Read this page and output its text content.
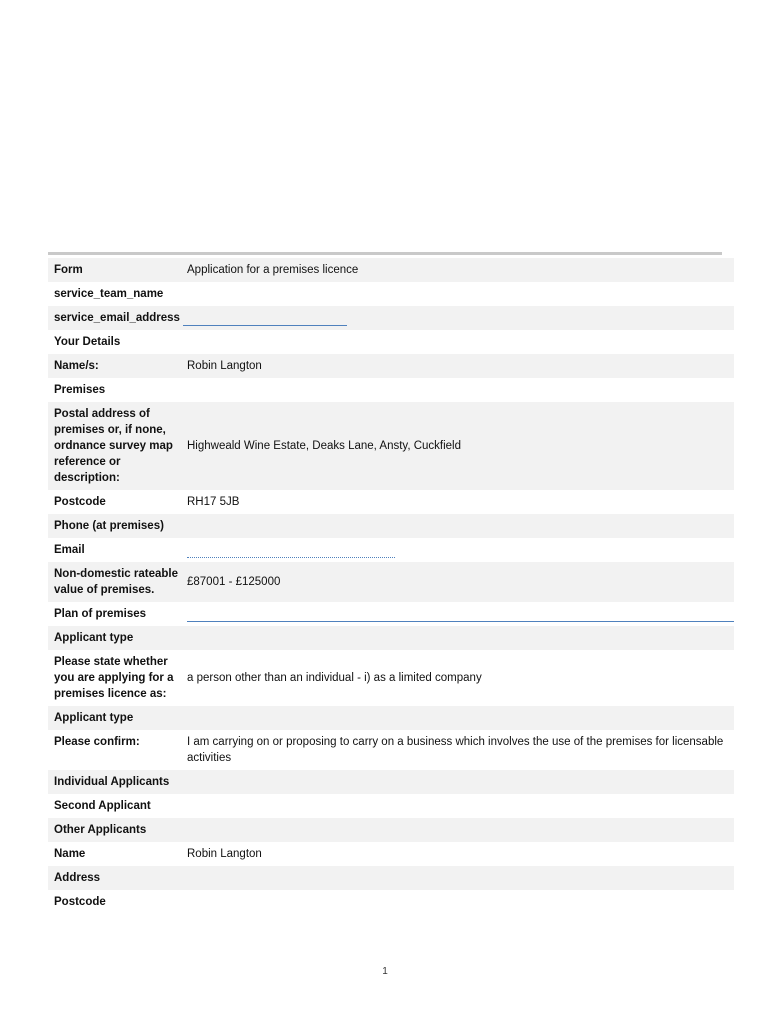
Form	Application for a premises licence
service_team_name	
service_email_address	
Your Details	
Name/s:	Robin Langton
Premises	
Postal address of premises or, if none, ordnance survey map reference or description:	Highweald Wine Estate, Deaks Lane, Ansty, Cuckfield
Postcode	RH17 5JB
Phone (at premises)	
Email	
Non-domestic rateable value of premises.	£87001 - £125000
Plan of premises	
Applicant type	
Please state whether you are applying for a premises licence as:	a person other than an individual - i) as a limited company
Applicant type	
Please confirm:	I am carrying on or proposing to carry on a business which involves the use of the premises for licensable activities
Individual Applicants	
Second Applicant	
Other Applicants	
Name	Robin Langton
Address	
Postcode	
1
